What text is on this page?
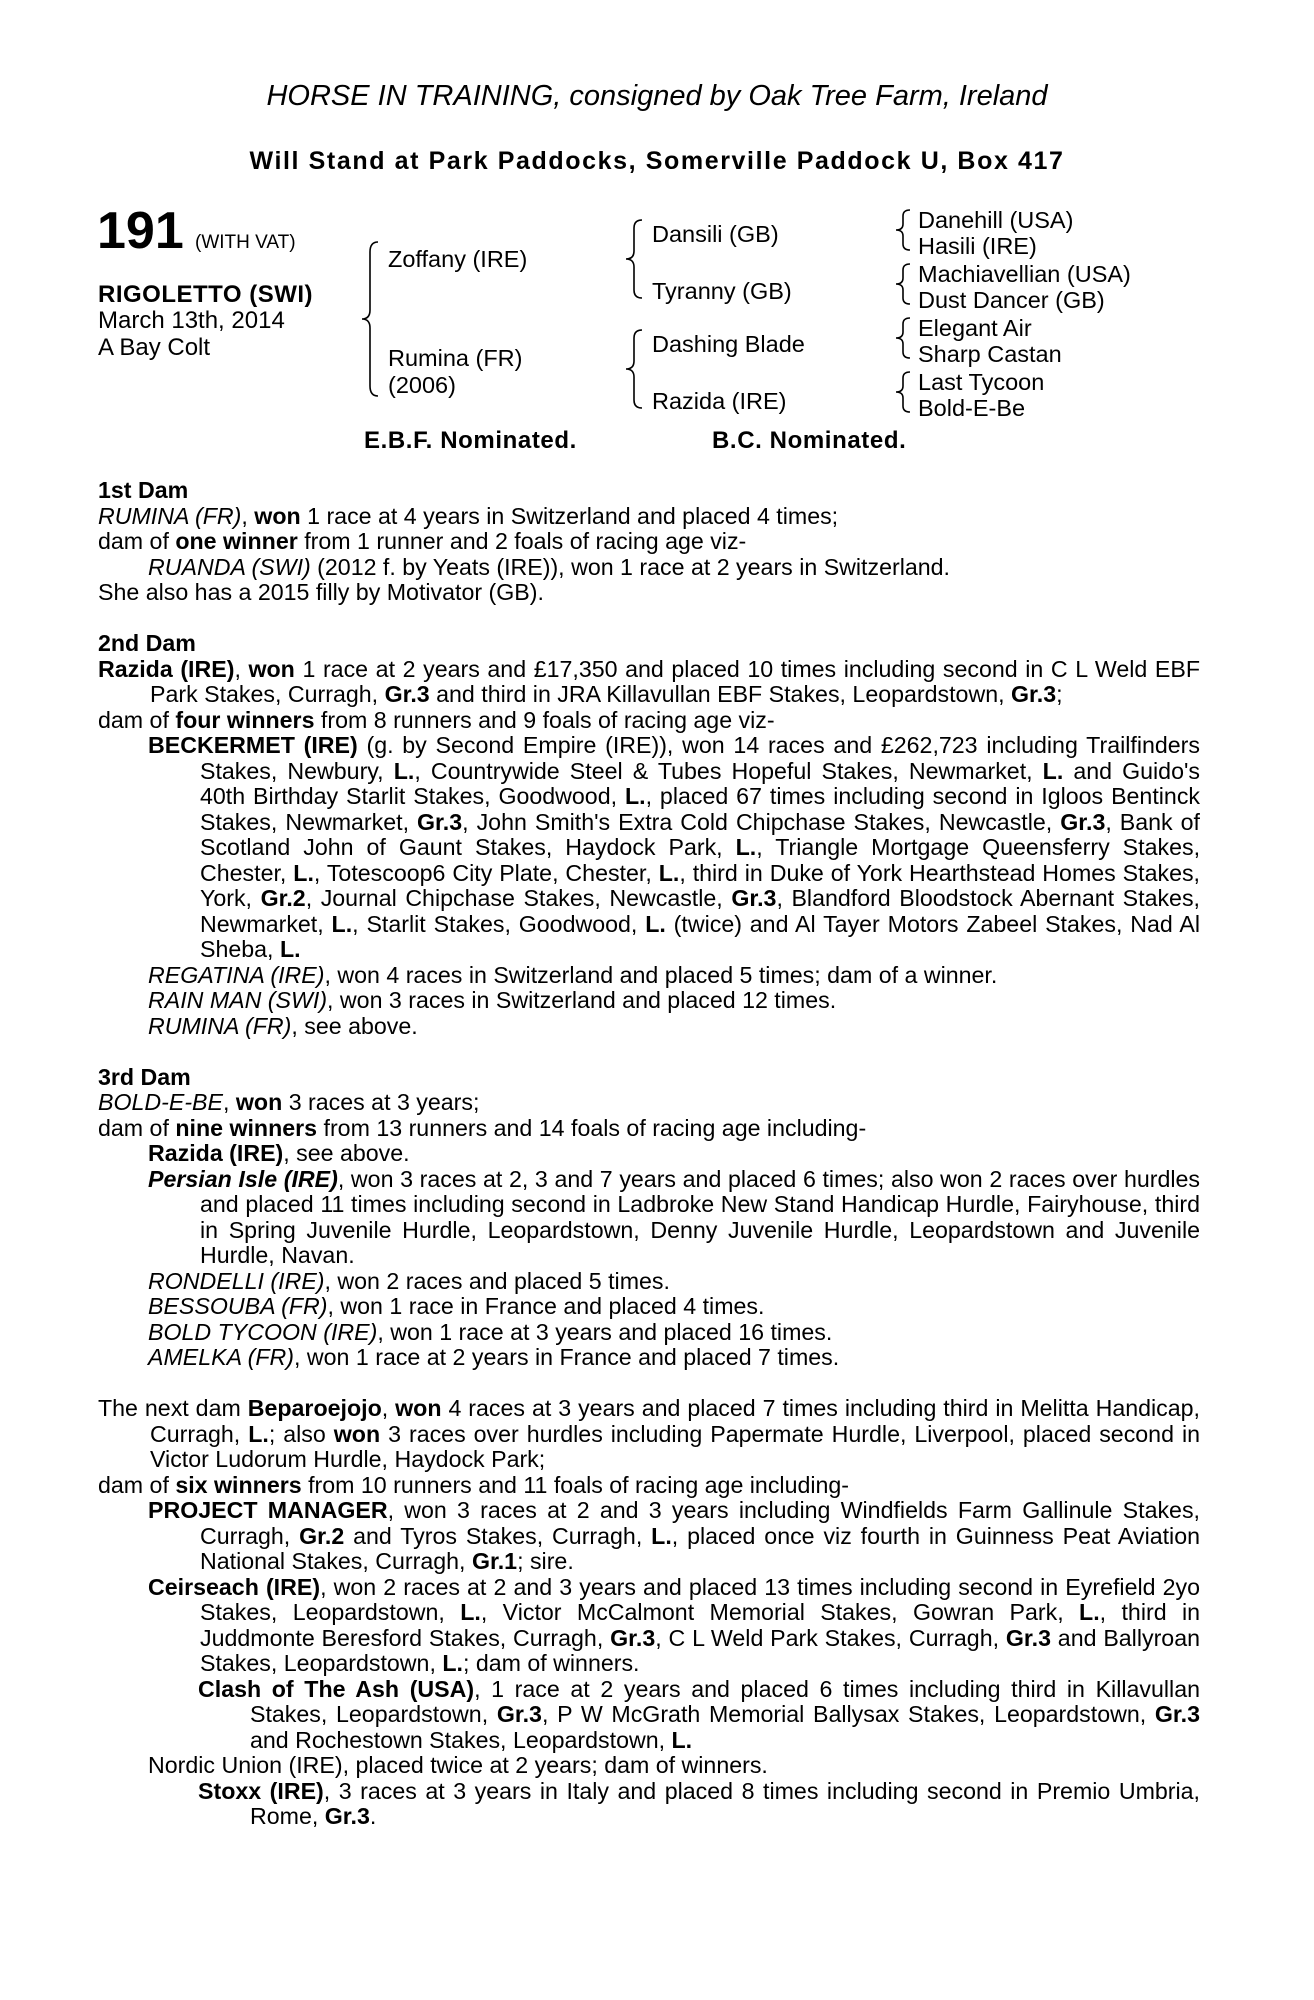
HORSE IN TRAINING, consigned by Oak Tree Farm, Ireland
Will Stand at Park Paddocks, Somerville Paddock U, Box 417
191 (WITH VAT)
RIGOLETTO (SWI)
March 13th, 2014
A Bay Colt
Zoffany (IRE)
Rumina (FR)
(2006)
Dansili (GB)
Tyranny (GB)
Dashing Blade
Razida (IRE)
Danehill (USA)
Hasili (IRE)
Machiavellian (USA)
Dust Dancer (GB)
Elegant Air
Sharp Castan
Last Tycoon
Bold-E-Be
E.B.F. Nominated.	B.C. Nominated.

1st Dam

RUMINA (FR), won 1 race at 4 years in Switzerland and placed 4 times;

dam of one winner from 1 runner and 2 foals of racing age viz-

RUANDA (SWI) (2012 f. by Yeats (IRE)), won 1 race at 2 years in Switzerland.

She also has a 2015 filly by Motivator (GB).

2nd Dam

Razida (IRE), won 1 race at 2 years and £17,350 and placed 10 times including second in C L Weld EBF Park Stakes, Curragh, Gr.3 and third in JRA Killavullan EBF Stakes, Leopardstown, Gr.3;

dam of four winners from 8 runners and 9 foals of racing age viz-

BECKERMET (IRE) (g. by Second Empire (IRE)), won 14 races and £262,723 including Trailfinders Stakes, Newbury, L., Countrywide Steel & Tubes Hopeful Stakes, Newmarket, L. and Guido's 40th Birthday Starlit Stakes, Goodwood, L., placed 67 times including second in Igloos Bentinck Stakes, Newmarket, Gr.3, John Smith's Extra Cold Chipchase Stakes, Newcastle, Gr.3, Bank of Scotland John of Gaunt Stakes, Haydock Park, L., Triangle Mortgage Queensferry Stakes, Chester, L., Totescoop6 City Plate, Chester, L., third in Duke of York Hearthstead Homes Stakes, York, Gr.2, Journal Chipchase Stakes, Newcastle, Gr.3, Blandford Bloodstock Abernant Stakes, Newmarket, L., Starlit Stakes, Goodwood, L. (twice) and Al Tayer Motors Zabeel Stakes, Nad Al Sheba, L.

REGATINA (IRE), won 4 races in Switzerland and placed 5 times; dam of a winner.

RAIN MAN (SWI), won 3 races in Switzerland and placed 12 times.

RUMINA (FR), see above.

3rd Dam

BOLD-E-BE, won 3 races at 3 years;

dam of nine winners from 13 runners and 14 foals of racing age including-

Razida (IRE), see above.

Persian Isle (IRE), won 3 races at 2, 3 and 7 years and placed 6 times; also won 2 races over hurdles and placed 11 times including second in Ladbroke New Stand Handicap Hurdle, Fairyhouse, third in Spring Juvenile Hurdle, Leopardstown, Denny Juvenile Hurdle, Leopardstown and Juvenile Hurdle, Navan.

RONDELLI (IRE), won 2 races and placed 5 times.

BESSOUBA (FR), won 1 race in France and placed 4 times.

BOLD TYCOON (IRE), won 1 race at 3 years and placed 16 times.

AMELKA (FR), won 1 race at 2 years in France and placed 7 times.

The next dam Beparoejojo, won 4 races at 3 years and placed 7 times including third in Melitta Handicap, Curragh, L.; also won 3 races over hurdles including Papermate Hurdle, Liverpool, placed second in Victor Ludorum Hurdle, Haydock Park;

dam of six winners from 10 runners and 11 foals of racing age including-

PROJECT MANAGER, won 3 races at 2 and 3 years including Windfields Farm Gallinule Stakes, Curragh, Gr.2 and Tyros Stakes, Curragh, L., placed once viz fourth in Guinness Peat Aviation National Stakes, Curragh, Gr.1; sire.

Ceirseach (IRE), won 2 races at 2 and 3 years and placed 13 times including second in Eyrefield 2yo Stakes, Leopardstown, L., Victor McCalmont Memorial Stakes, Gowran Park, L., third in Juddmonte Beresford Stakes, Curragh, Gr.3, C L Weld Park Stakes, Curragh, Gr.3 and Ballyroan Stakes, Leopardstown, L.; dam of winners.

Clash of The Ash (USA), 1 race at 2 years and placed 6 times including third in Killavullan Stakes, Leopardstown, Gr.3, P W McGrath Memorial Ballysax Stakes, Leopardstown, Gr.3 and Rochestown Stakes, Leopardstown, L.

Nordic Union (IRE), placed twice at 2 years; dam of winners.

Stoxx (IRE), 3 races at 3 years in Italy and placed 8 times including second in Premio Umbria, Rome, Gr.3.
